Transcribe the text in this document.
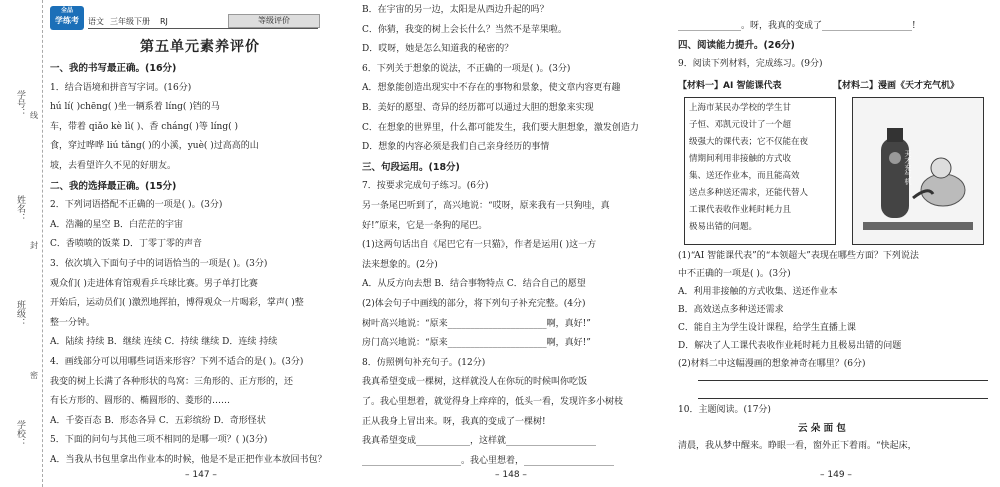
学号：
姓名：
班级：
学校：
线
封
密
全品
学练考	语文 三年级下册 RJ	等级评价
第五单元素养评价
一、我的书写最正确。(16分)
1．结合语境和拼音写字词。(16分)
hú lí( )chēng( )坐一辆系着 líng( )铛的马
车，带着 qiǎo kè lì( )、香 cháng( )等 líng( )
食，穿过哗哗 liú tǎng( )的小溪，yuè( )过高高的山
坡，去看望许久不见的好朋友。
二、我的选择最正确。(15分)
2．下列词语搭配不正确的一项是( )。(3分)
A．浩瀚的星空 B．白茫茫的宇宙
C．香喷喷的饭菜 D．丁零丁零的声音
3．依次填入下面句子中的词语恰当的一项是( )。(3分)
观众们( )走进体育馆观看乒乓球比赛。男子单打比赛
开始后，运动员们( )激烈地挥拍，博得观众一片喝彩，掌声( )整
整一分钟。
A．陆续 持续 B．继续 连续 C．持续 继续 D．连续 持续
4．画线部分可以用哪些词语来形容？下列不适合的是( )。(3分)
我变的树上长满了各种形状的鸟窝：三角形的、正方形的，还
有长方形的、圆形的、椭圆形的、菱形的……
A．千姿百态 B．形态各异 C．五彩缤纷 D．奇形怪状
5．下面的问句与其他三项不相同的是哪一项？( )(3分)
A．当我从书包里拿出作业本的时候，他是不是正把作业本放回书包？
B．在宇宙的另一边，太阳是从西边升起的吗？
C．你猜，我变的树上会长什么？当然不是苹果啦。
D．哎呀，她是怎么知道我的秘密的？
6．下列关于想象的说法，不正确的一项是( )。(3分)
A．想象能创造出现实中不存在的事物和景象，使文章内容更有趣
B．美好的愿望、奇异的经历都可以通过大胆的想象来实现
C．在想象的世界里，什么都可能发生，我们要大胆想象，激发创造力
D．想象的内容必须是我们自己亲身经历的事情
三、句段运用。(18分)
7．按要求完成句子练习。(6分)
另一条尾巴听到了，高兴地说：“哎呀，原来我有一只狗哇，真
好!”原来，它是一条狗的尾巴。
(1)这两句话出自《尾巴它有一只猫》，作者是运用( )这一方
法来想象的。(2分)
A．从反方向去想 B．结合事物特点 C．结合自己的愿望
(2)体会句子中画线的部分，将下列句子补充完整。(4分)
树叶高兴地说：“原来______________________啊，真好!”
房门高兴地说：“原来______________________啊，真好!”
8．仿照例句补充句子。(12分)
我真希望变成一棵树，这样就没人在你玩的时候叫你吃饭
了。我心里想着，就觉得身上痒痒的，低头一看，发现许多小树枝
正从我身上冒出来。呀，我真的变成了一棵树!
我真希望变成____________，这样就____________________
______________________。我心里想着，____________________
【材料一】AI 智能课代表	【材料二】漫画《天才充气机》
上海市某民办学校的学生甘
子恒、邓凯元设计了一个超
级强大的课代表；它不仅能在夜
情期间利用非接触的方式收
集、送还作业本，而且能高效
送点多种送还需求，还能代替人
工课代表收作业耗时耗力且
极易出错的问题。
天才充气机
______________。呀，我真的变成了____________________!
四、阅读能力提升。(26分)
9．阅读下列材料，完成练习。(9分)
(1)“AI 智能课代表”的“本领超大”表现在哪些方面？下列说法
中不正确的一项是( )。(3分)
A．利用非接触的方式收集、送还作业本
B．高效送点多种送还需求
C．能自主为学生设计课程，给学生直播上课
D．解决了人工课代表收作业耗时耗力且极易出错的问题
(2)材料二中这幅漫画的想象神奇在哪里？(6分)
10．主题阅读。(17分)
云 朵 面 包
清晨，我从梦中醒来。睁眼一看，窗外正下着雨。“快起床，
– 147 –	– 148 –	– 149 –
